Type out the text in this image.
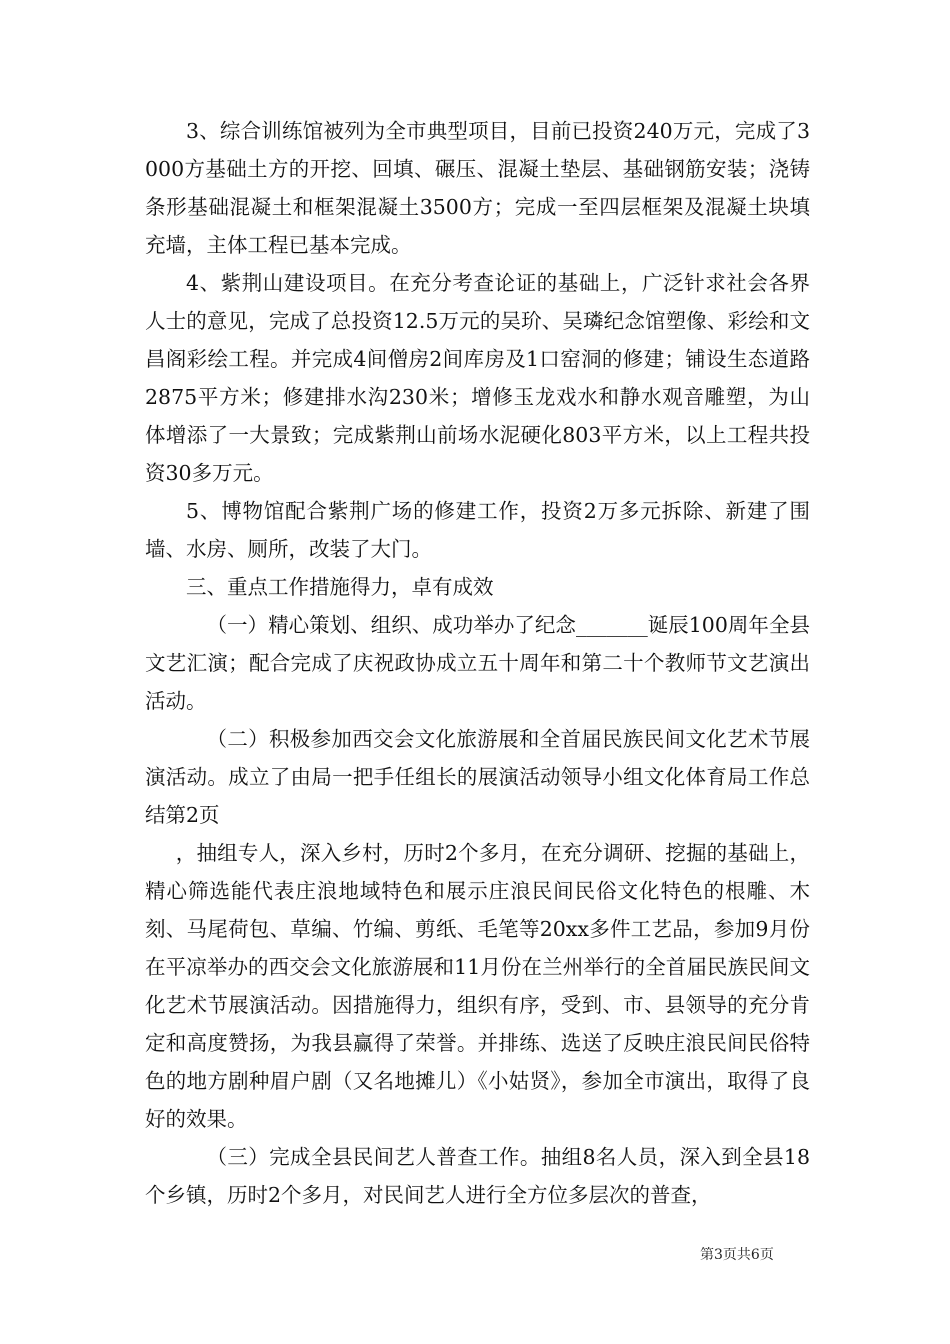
3、综合训练馆被列为全市典型项目，目前已投资240万元，完成了3000方基础土方的开挖、回填、碾压、混凝土垫层、基础钢筋安装；浇铸条形基础混凝土和框架混凝土3500方；完成一至四层框架及混凝土块填充墙，主体工程已基本完成。

4、紫荆山建设项目。在充分考查论证的基础上，广泛针求社会各界人士的意见，完成了总投资12.5万元的吴玠、吴璘纪念馆塑像、彩绘和文昌阁彩绘工程。并完成4间僧房2间库房及1口窑洞的修建；铺设生态道路2875平方米；修建排水沟230米；增修玉龙戏水和静水观音雕塑，为山体增添了一大景致；完成紫荆山前场水泥硬化803平方米，以上工程共投资30多万元。

5、博物馆配合紫荆广场的修建工作，投资2万多元拆除、新建了围墙、水房、厕所，改装了大门。

三、重点工作措施得力，卓有成效

（一）精心策划、组织、成功举办了纪念_______诞辰100周年全县文艺汇演；配合完成了庆祝政协成立五十周年和第二十个教师节文艺演出活动。

（二）积极参加西交会文化旅游展和全首届民族民间文化艺术节展演活动。成立了由局一把手任组长的展演活动领导小组文化体育局工作总结第2页

，抽组专人，深入乡村，历时2个多月，在充分调研、挖掘的基础上，精心筛选能代表庄浪地域特色和展示庄浪民间民俗文化特色的根雕、木刻、马尾荷包、草编、竹编、剪纸、毛笔等20xx多件工艺品，参加9月份在平凉举办的西交会文化旅游展和11月份在兰州举行的全首届民族民间文化艺术节展演活动。因措施得力，组织有序，受到、市、县领导的充分肯定和高度赞扬，为我县赢得了荣誉。并排练、选送了反映庄浪民间民俗特色的地方剧种眉户剧（又名地摊儿）《小姑贤》，参加全市演出，取得了良好的效果。

（三）完成全县民间艺人普查工作。抽组8名人员，深入到全县18个乡镇，历时2个多月，对民间艺人进行全方位多层次的普查，

第3页共6页
